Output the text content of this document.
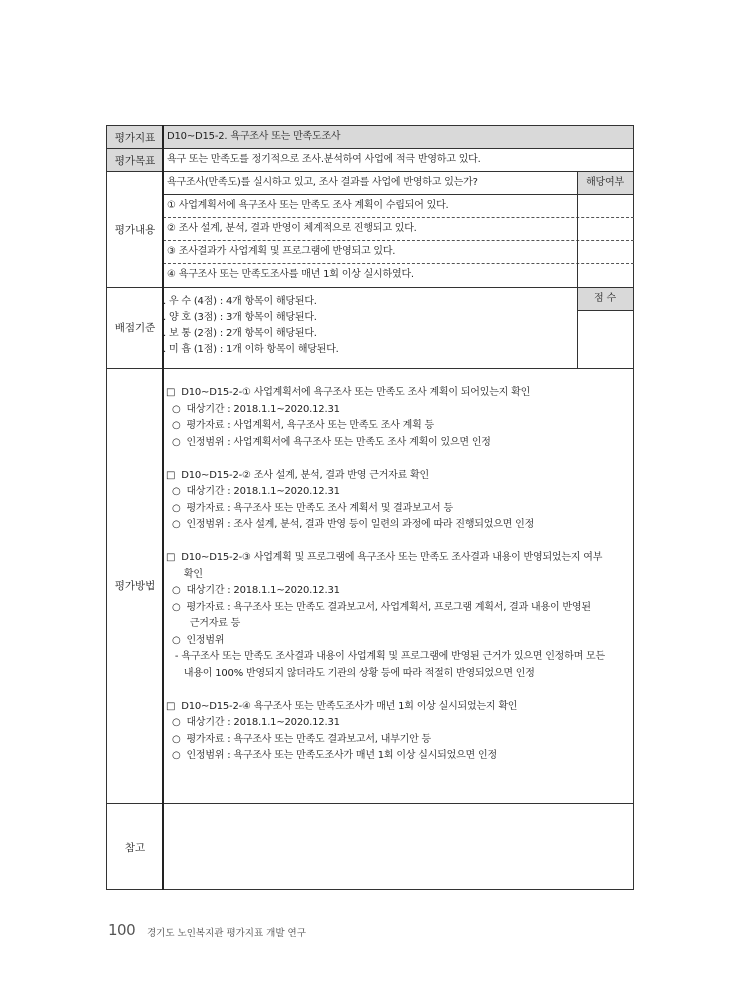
평가지표
평가목표
평가내용
배점기준
평가방법
참고
D10~D15-2. 욕구조사 또는 만족도조사
욕구 또는 만족도를 정기적으로 조사.분석하여 사업에 적극 반영하고 있다.
욕구조사(만족도)를 실시하고 있고, 조사 결과를 사업에 반영하고 있는가?	해당여부
① 사업계획서에 욕구조사 또는 만족도 조사 계획이 수립되어 있다.
② 조사 설계, 분석, 결과 반영이 체계적으로 진행되고 있다.
③ 조사결과가 사업계획 및 프로그램에 반영되고 있다.
④ 욕구조사 또는 만족도조사를 매년 1회 이상 실시하였다.
점 수
. 우 수 (4점) : 4개 항목이 해당된다.
. 양 호 (3점) : 3개 항목이 해당된다.
. 보 통 (2점) : 2개 항목이 해당된다.
. 미 흡 (1점) : 1개 이하 항목이 해당된다.
□  D10~D15-2-① 사업계획서에 욕구조사 또는 만족도 조사 계획이 되어있는지 확인
○  대상기간 : 2018.1.1~2020.12.31
○  평가자료 : 사업계획서, 욕구조사 또는 만족도 조사 계획 등
○  인정범위 : 사업계획서에 욕구조사 또는 만족도 조사 계획이 있으면 인정
□  D10~D15-2-② 조사 설계, 분석, 결과 반영 근거자료 확인
○  대상기간 : 2018.1.1~2020.12.31
○  평가자료 : 욕구조사 또는 만족도 조사 계획서 및 결과보고서 등
○  인정범위 : 조사 설계, 분석, 결과 반영 등이 일련의 과정에 따라 진행되었으면 인정
□  D10~D15-2-③ 사업계획 및 프로그램에 욕구조사 또는 만족도 조사결과 내용이 반영되었는지 여부
확인
○  대상기간 : 2018.1.1~2020.12.31
○  평가자료 : 욕구조사 또는 만족도 결과보고서, 사업계획서, 프로그램 계획서, 결과 내용이 반영된
근거자료 등
○  인정범위
- 욕구조사 또는 만족도 조사결과 내용이 사업계획 및 프로그램에 반영된 근거가 있으면 인정하며 모든
내용이 100% 반영되지 않더라도 기관의 상황 등에 따라 적절히 반영되었으면 인정
□  D10~D15-2-④ 욕구조사 또는 만족도조사가 매년 1회 이상 실시되었는지 확인
○  대상기간 : 2018.1.1~2020.12.31
○  평가자료 : 욕구조사 또는 만족도 결과보고서, 내부기안 등
○  인정범위 : 욕구조사 또는 만족도조사가 매년 1회 이상 실시되었으면 인정
100 경기도 노인복지관 평가지표 개발 연구
